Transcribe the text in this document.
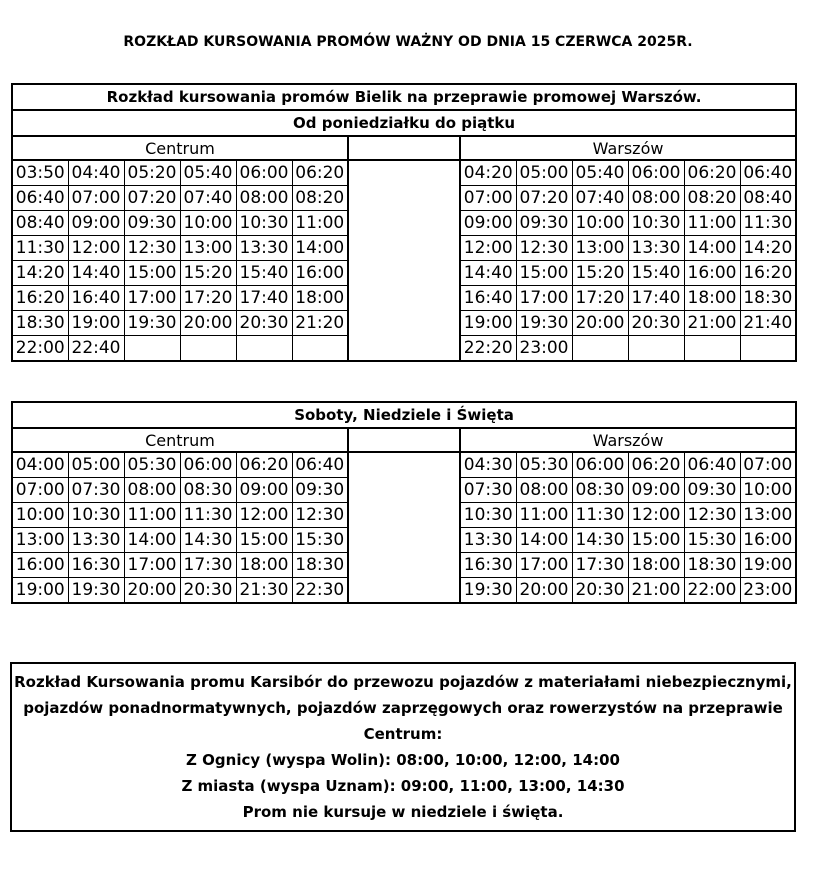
ROZKŁAD KURSOWANIA PROMÓW WAŻNY OD DNIA 15 CZERWCA 2025R.
Rozkład kursowania promów Bielik na przeprawie promowej Warszów.												
Od poniedziałku do piątku												
Centrum							Warszów					
03:50	04:40	05:20	05:40	06:00	06:20		04:20	05:00	05:40	06:00	06:20	06:40
06:40	07:00	07:20	07:40	08:00	08:20		07:00	07:20	07:40	08:00	08:20	08:40
08:40	09:00	09:30	10:00	10:30	11:00		09:00	09:30	10:00	10:30	11:00	11:30
11:30	12:00	12:30	13:00	13:30	14:00		12:00	12:30	13:00	13:30	14:00	14:20
14:20	14:40	15:00	15:20	15:40	16:00		14:40	15:00	15:20	15:40	16:00	16:20
16:20	16:40	17:00	17:20	17:40	18:00		16:40	17:00	17:20	17:40	18:00	18:30
18:30	19:00	19:30	20:00	20:30	21:20		19:00	19:30	20:00	20:30	21:00	21:40
22:00	22:40						22:20	23:00				
Soboty, Niedziele i Święta												
Centrum							Warszów					
04:00	05:00	05:30	06:00	06:20	06:40		04:30	05:30	06:00	06:20	06:40	07:00
07:00	07:30	08:00	08:30	09:00	09:30		07:30	08:00	08:30	09:00	09:30	10:00
10:00	10:30	11:00	11:30	12:00	12:30		10:30	11:00	11:30	12:00	12:30	13:00
13:00	13:30	14:00	14:30	15:00	15:30		13:30	14:00	14:30	15:00	15:30	16:00
16:00	16:30	17:00	17:30	18:00	18:30		16:30	17:00	17:30	18:00	18:30	19:00
19:00	19:30	20:00	20:30	21:30	22:30		19:30	20:00	20:30	21:00	22:00	23:00
Rozkład Kursowania promu Karsibór do przewozu pojazdów z materiałami niebezpiecznymi,
pojazdów ponadnormatywnych, pojazdów zaprzęgowych oraz rowerzystów na przeprawie
Centrum:
Z Ognicy (wyspa Wolin): 08:00, 10:00, 12:00, 14:00
Z miasta (wyspa Uznam): 09:00, 11:00, 13:00, 14:30
Prom nie kursuje w niedziele i święta.
